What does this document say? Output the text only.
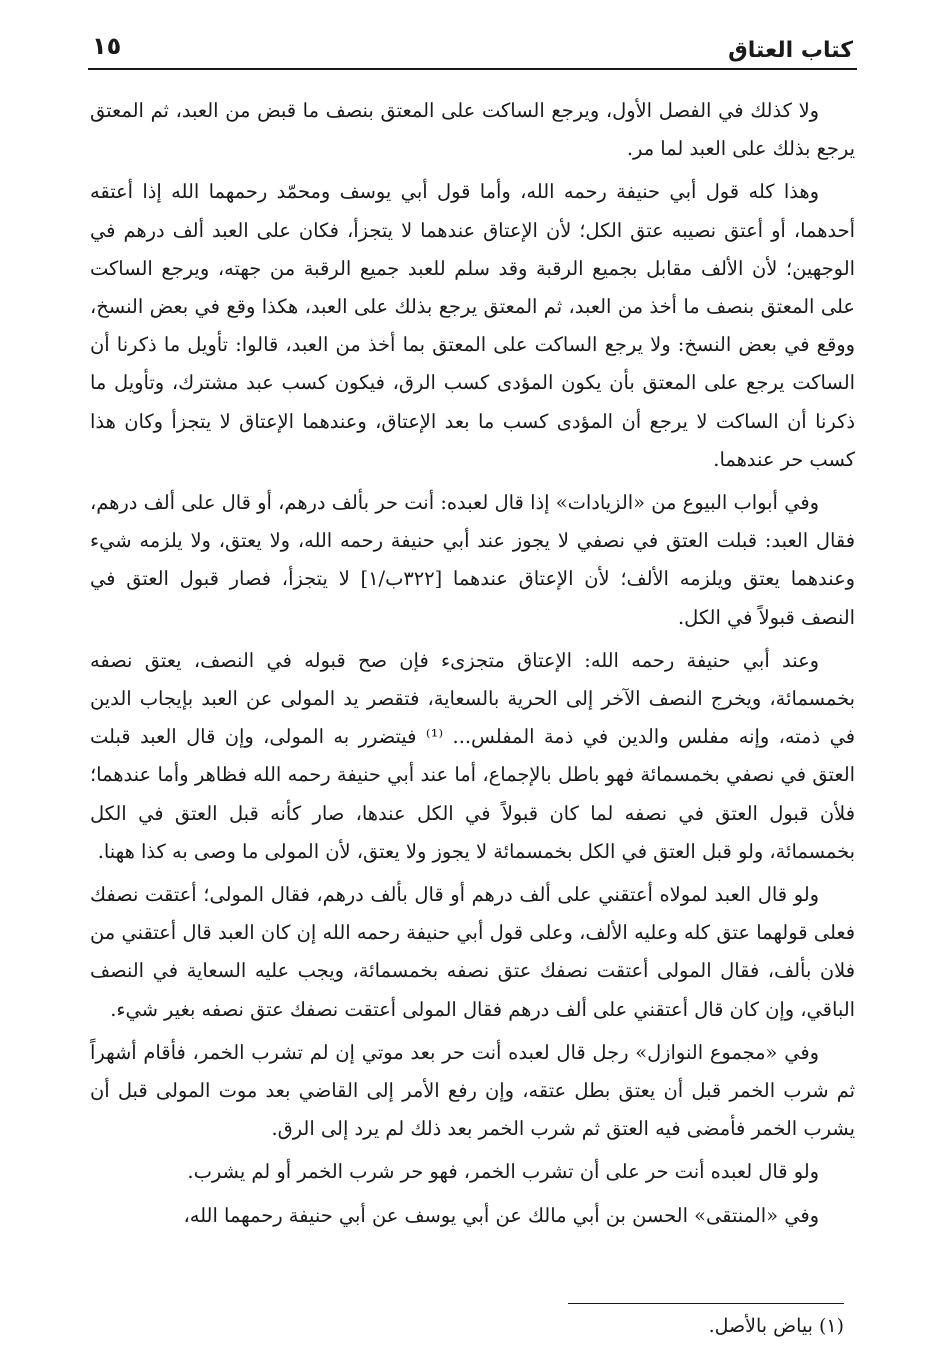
كتاب العتاق
١٥

ولا كذلك في الفصل الأول، ويرجع الساكت على المعتق بنصف ما قبض من العبد، ثم المعتق يرجع بذلك على العبد لما مر.

وهذا كله قول أبي حنيفة رحمه الله، وأما قول أبي يوسف ومحمّد رحمهما الله إذا أعتقه أحدهما، أو أعتق نصيبه عتق الكل؛ لأن الإعتاق عندهما لا يتجزأ، فكان على العبد ألف درهم في الوجهين؛ لأن الألف مقابل بجميع الرقبة وقد سلم للعبد جميع الرقبة من جهته، ويرجع الساكت على المعتق بنصف ما أخذ من العبد، ثم المعتق يرجع بذلك على العبد، هكذا وقع في بعض النسخ، ووقع في بعض النسخ: ولا يرجع الساكت على المعتق بما أخذ من العبد، قالوا: تأويل ما ذكرنا أن الساكت يرجع على المعتق بأن يكون المؤدى كسب الرق، فيكون كسب عبد مشترك، وتأويل ما ذكرنا أن الساكت لا يرجع أن المؤدى كسب ما بعد الإعتاق، وعندهما الإعتاق لا يتجزأ وكان هذا كسب حر عندهما.

وفي أبواب البيوع من «الزيادات» إذا قال لعبده: أنت حر بألف درهم، أو قال على ألف درهم، فقال العبد: قبلت العتق في نصفي لا يجوز عند أبي حنيفة رحمه الله، ولا يعتق، ولا يلزمه شيء وعندهما يعتق ويلزمه الألف؛ لأن الإعتاق عندهما [٣٢٢ب/١] لا يتجزأ، فصار قبول العتق في النصف قبولاً في الكل.

وعند أبي حنيفة رحمه الله: الإعتاق متجزىء فإن صح قبوله في النصف، يعتق نصفه بخمسمائة، ويخرج النصف الآخر إلى الحرية بالسعاية، فتقصر يد المولى عن العبد بإيجاب الدين في ذمته، وإنه مفلس والدين في ذمة المفلس... ⁽¹⁾ فيتضرر به المولى، وإن قال العبد قبلت العتق في نصفي بخمسمائة فهو باطل بالإجماع، أما عند أبي حنيفة رحمه الله فظاهر وأما عندهما؛ فلأن قبول العتق في نصفه لما كان قبولاً في الكل عندها، صار كأنه قبل العتق في الكل بخمسمائة، ولو قبل العتق في الكل بخمسمائة لا يجوز ولا يعتق، لأن المولى ما وصى به كذا ههنا.

ولو قال العبد لمولاه أعتقني على ألف درهم أو قال بألف درهم، فقال المولى؛ أعتقت نصفك فعلى قولهما عتق كله وعليه الألف، وعلى قول أبي حنيفة رحمه الله إن كان العبد قال أعتقني من فلان بألف، فقال المولى أعتقت نصفك عتق نصفه بخمسمائة، ويجب عليه السعاية في النصف الباقي، وإن كان قال أعتقني على ألف درهم فقال المولى أعتقت نصفك عتق نصفه بغير شيء.

وفي «مجموع النوازل» رجل قال لعبده أنت حر بعد موتي إن لم تشرب الخمر، فأقام أشهراً ثم شرب الخمر قبل أن يعتق بطل عتقه، وإن رفع الأمر إلى القاضي بعد موت المولى قبل أن يشرب الخمر فأمضى فيه العتق ثم شرب الخمر بعد ذلك لم يرد إلى الرق.

ولو قال لعبده أنت حر على أن تشرب الخمر، فهو حر شرب الخمر أو لم يشرب.

وفي «المنتقى» الحسن بن أبي مالك عن أبي يوسف عن أبي حنيفة رحمهما الله،

(١) بياض بالأصل.
